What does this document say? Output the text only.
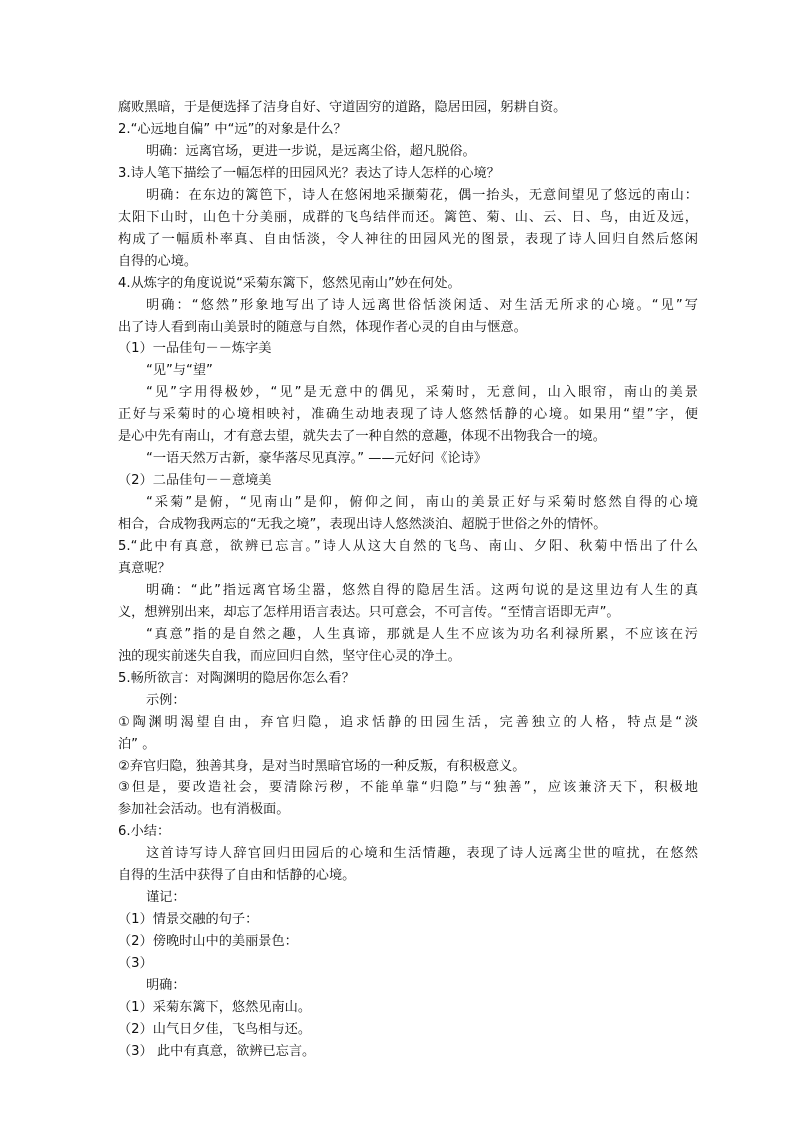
腐败黑暗，于是便选择了洁身自好、守道固穷的道路，隐居田园，躬耕自资。
2.“心远地自偏” 中“远”的对象是什么？
明确：远离官场，更进一步说，是远离尘俗，超凡脱俗。
3.诗人笔下描绘了一幅怎样的田园风光？表达了诗人怎样的心境？
明确：在东边的篱笆下，诗人在悠闲地采撷菊花，偶一抬头，无意间望见了悠远的南山：
太阳下山时，山色十分美丽，成群的飞鸟结伴而还。篱笆、菊、山、云、日、鸟，由近及远，
构成了一幅质朴率真、自由恬淡，令人神往的田园风光的图景，表现了诗人回归自然后悠闲
自得的心境。
4.从炼字的角度说说“采菊东篱下，悠然见南山”妙在何处。
明确：“悠然”形象地写出了诗人远离世俗恬淡闲适、对生活无所求的心境。“见”写
出了诗人看到南山美景时的随意与自然，体现作者心灵的自由与惬意。
（1）一品佳句－－炼字美
“见”与“望”
“见”字用得极妙，“见”是无意中的偶见，采菊时，无意间，山入眼帘，南山的美景
正好与采菊时的心境相映衬，准确生动地表现了诗人悠然恬静的心境。如果用“望”字，便
是心中先有南山，才有意去望，就失去了一种自然的意趣，体现不出物我合一的境。
“一语天然万古新，豪华落尽见真淳。” ——元好问《论诗》
（2）二品佳句－－意境美
“采菊”是俯，“见南山”是仰，俯仰之间，南山的美景正好与采菊时悠然自得的心境
相合，合成物我两忘的“无我之境”，表现出诗人悠然淡泊、超脱于世俗之外的情怀。
5.“此中有真意，欲辨已忘言。”诗人从这大自然的飞鸟、南山、夕阳、秋菊中悟出了什么
真意呢？
明确：“此”指远离官场尘嚣，悠然自得的隐居生活。这两句说的是这里边有人生的真
义，想辨别出来，却忘了怎样用语言表达。只可意会，不可言传。“至情言语即无声”。
“真意”指的是自然之趣，人生真谛，那就是人生不应该为功名利禄所累，不应该在污
浊的现实前迷失自我，而应回归自然，坚守住心灵的净土。
5.畅所欲言：对陶渊明的隐居你怎么看？
示例：
①陶渊明渴望自由，弃官归隐，追求恬静的田园生活，完善独立的人格，特点是“淡
泊” 。
②弃官归隐，独善其身，是对当时黑暗官场的一种反叛，有积极意义。
③但是，要改造社会，要清除污秽，不能单靠“归隐”与“独善”，应该兼济天下，积极地
参加社会活动。也有消极面。
6.小结：
这首诗写诗人辞官回归田园后的心境和生活情趣，表现了诗人远离尘世的喧扰，在悠然
自得的生活中获得了自由和恬静的心境。
谨记：
（1）情景交融的句子：
（2）傍晚时山中的美丽景色：
（3）
明确：
（1）采菊东篱下，悠然见南山。
（2）山气日夕佳，飞鸟相与还。
（3） 此中有真意，欲辨已忘言。
